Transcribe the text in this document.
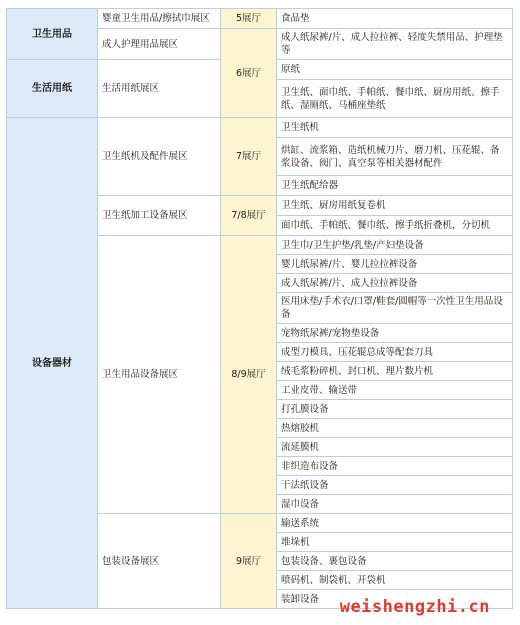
卫生用品	婴童卫生用品/擦拭巾展区	5展厅	食品垫
	成人护理用品展区	6展厅	成人纸尿裤/片、成人拉拉裤、轻度失禁用品、护理垫等
生活用纸	生活用纸展区		原纸
			卫生纸、面巾纸、手帕纸、餐巾纸、厨房用纸、擦手纸、湿厕纸、马桶座垫纸
设备器材	卫生纸机及配件展区	7展厅	卫生纸机
			烘缸、流浆箱、造纸机械刀片、磨刀机、压花辊、备浆设备、阀门、真空泵等相关器材配件
			卫生纸配给器
	卫生纸加工设备展区	7/8展厅	卫生纸、厨房用纸复卷机
			面巾纸、手帕纸、餐巾纸、擦手纸折叠机，分切机
	卫生用品设备展区	8/9展厅	卫生巾/卫生护垫/乳垫/产妇垫设备
			婴儿纸尿裤/片、婴儿拉拉裤设备
			成人纸尿裤/片、成人拉拉裤设备
			医用床垫/手术衣/口罩/鞋套/圆帽等一次性卫生用品设备
			宠物纸尿裤/宠物垫设备
			成型刀模具、压花辊总成等配套刀具
			绒毛浆粉碎机、封口机、理片数片机
			工业皮带、输送带
			打孔膜设备
			热熔胶机
			流延膜机
			非织造布设备
			干法纸设备
			湿巾设备
	包装设备展区	9展厅	输送系统
			堆垛机
			包装设备、裹包设备
			喷码机、制袋机、开袋机
			装卸设备 weishengzhi.cn
